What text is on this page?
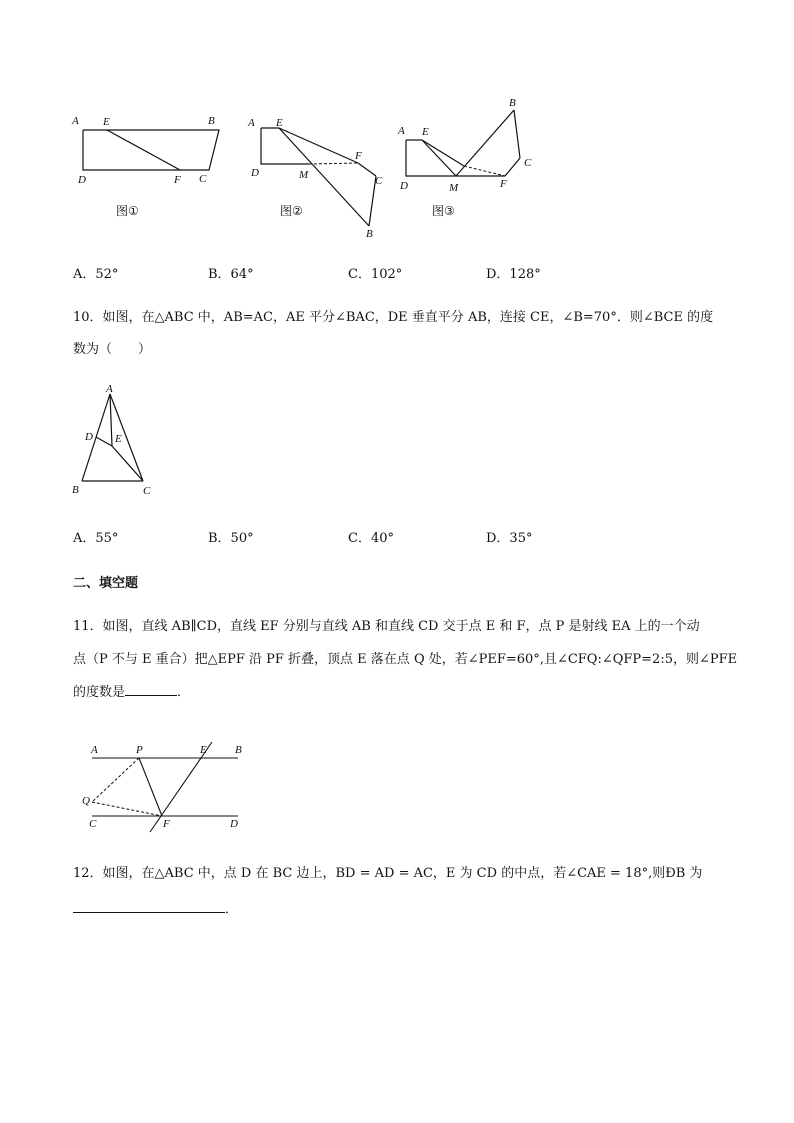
A E	B
D	F C
图①
A E
D	M
F
C
B
图②
A E
B
D	M	F
C
图③
A．52°	B．64°	C．102°	D．128°
10．如图，在△ABC 中，AB=AC，AE 平分∠BAC，DE 垂直平分 AB，连接 CE，∠B=70°．则∠BCE 的度
数为（　　）
A
D E
B	C
A．55°	B．50°	C．40°	D．35°
二、填空题
11．如图，直线 AB∥CD，直线 EF 分别与直线 AB 和直线 CD 交于点 E 和 F，点 P 是射线 EA 上的一个动
点（P 不与 E 重合）把△EPF 沿 PF 折叠，顶点 E 落在点 Q 处，若∠PEF=60°,且∠CFQ:∠QFP=2:5，则∠PFE
的度数是	．
A	P	E	B
Q
C	F	D
12．如图，在△ABC 中，点 D 在 BC 边上，BD = AD = AC，E 为 CD 的中点，若∠CAE = 18°,则ÐB 为
．
